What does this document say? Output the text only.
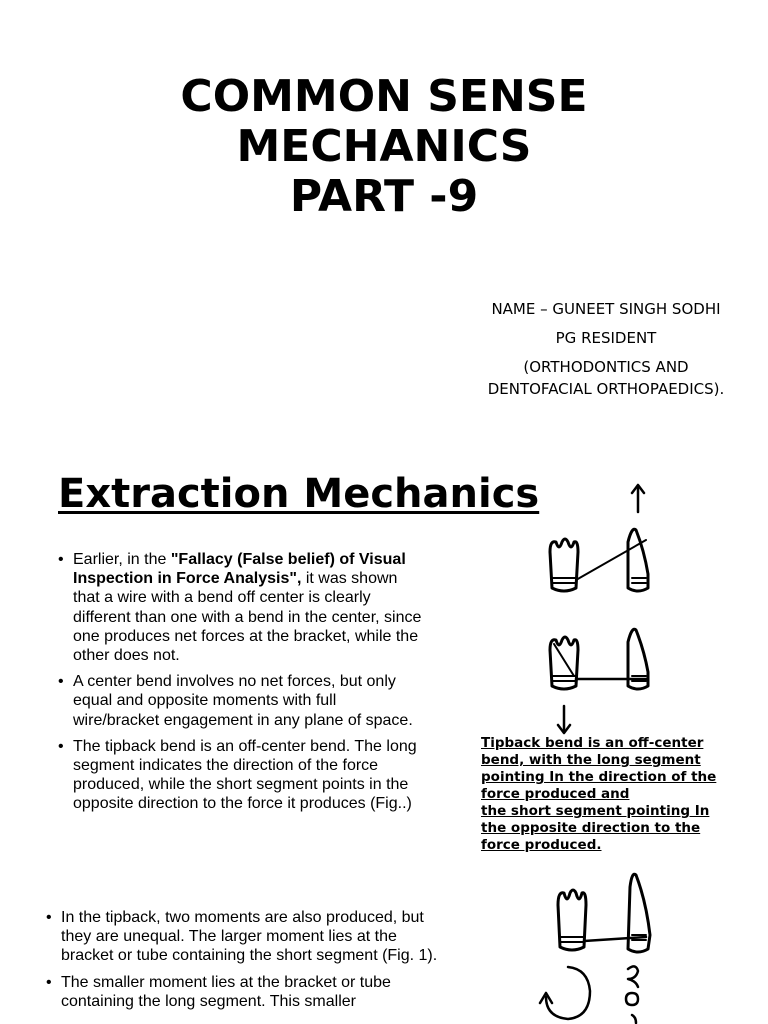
COMMON SENSE
MECHANICS
PART -9
NAME – GUNEET SINGH SODHI
PG RESIDENT
(ORTHODONTICS AND
DENTOFACIAL ORTHOPAEDICS).
Extraction Mechanics
• Earlier, in the "Fallacy (False belief) of Visual Inspection in Force Analysis", it was shown that a wire with a bend off center is clearly different than one with a bend in the center, since one produces net forces at the bracket, while the other does not.
• A center bend involves no net forces, but only equal and opposite moments with full wire/bracket engagement in any plane of space.
• The tipback bend is an off-center bend. The long segment indicates the direction of the force produced, while the short segment points in the opposite direction to the force it produces (Fig..)
• In the tipback, two moments are also produced, but they are unequal. The larger moment lies at the bracket or tube containing the short segment (Fig. 1).
• The smaller moment lies at the bracket or tube containing the long segment. This smaller
Tipback bend is an off-center
bend, with the long segment
pointing In the direction of the
force produced and
the short segment pointing In
the opposite direction to the
force produced.
